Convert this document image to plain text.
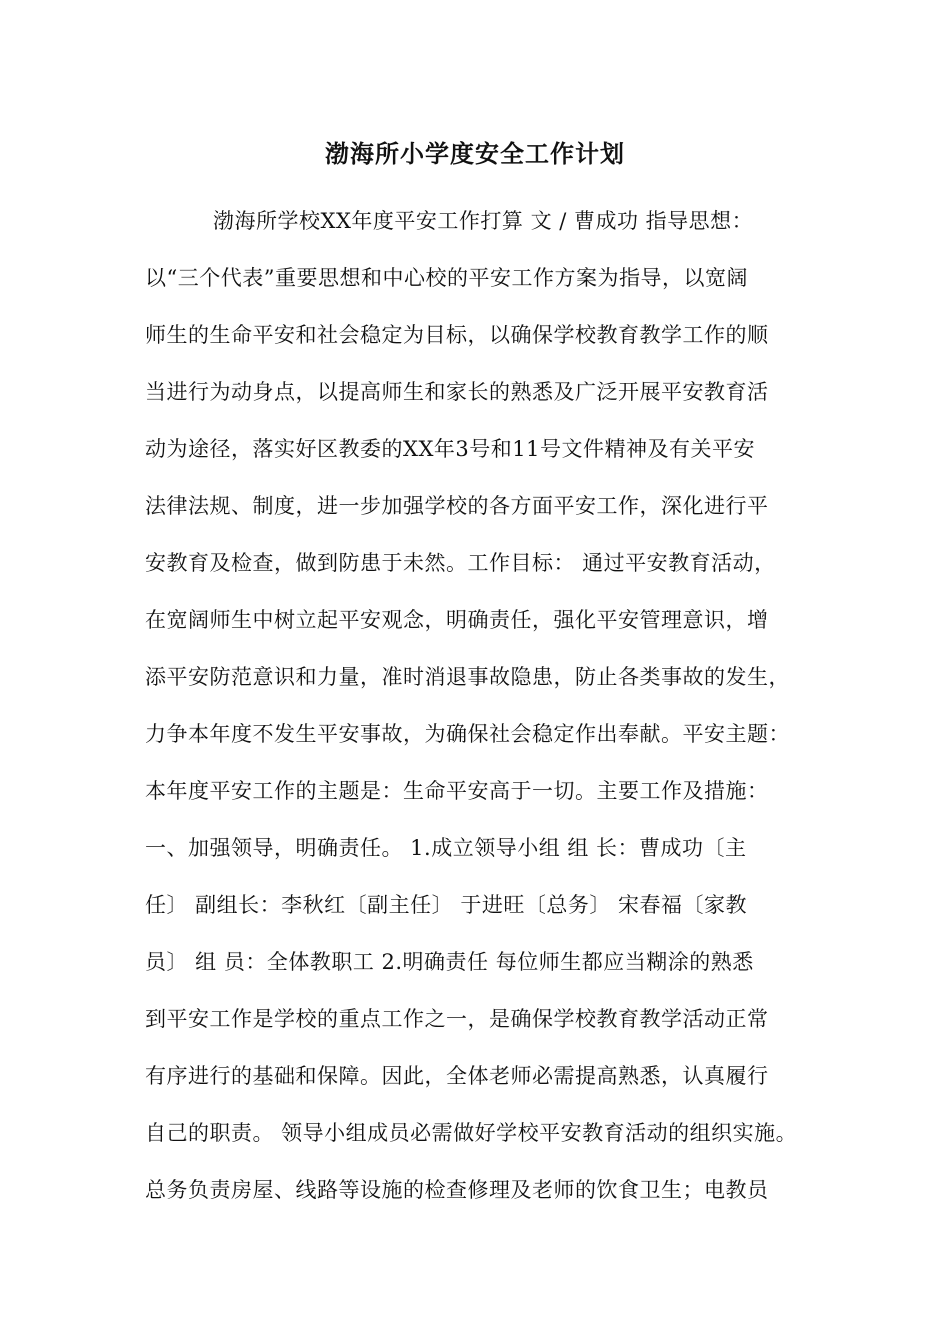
渤海所小学度安全工作计划
渤海所学校XX年度平安工作打算 文 / 曹成功 指导思想：
以“三个代表”重要思想和中心校的平安工作方案为指导，以宽阔
师生的生命平安和社会稳定为目标，以确保学校教育教学工作的顺
当进行为动身点，以提高师生和家长的熟悉及广泛开展平安教育活
动为途径，落实好区教委的XX年3号和11号文件精神及有关平安
法律法规、制度，进一步加强学校的各方面平安工作，深化进行平
安教育及检查，做到防患于未然。工作目标： 通过平安教育活动，
在宽阔师生中树立起平安观念，明确责任，强化平安管理意识，增
添平安防范意识和力量，准时消退事故隐患，防止各类事故的发生，
力争本年度不发生平安事故，为确保社会稳定作出奉献。平安主题：
本年度平安工作的主题是：生命平安高于一切。主要工作及措施：
一、加强领导，明确责任。 1.成立领导小组 组 长：曹成功〔主
任〕 副组长：李秋红〔副主任〕 于进旺〔总务〕 宋春福〔家教
员〕 组 员：全体教职工 2.明确责任 每位师生都应当糊涂的熟悉
到平安工作是学校的重点工作之一，是确保学校教育教学活动正常
有序进行的基础和保障。因此，全体老师必需提高熟悉，认真履行
自己的职责。 领导小组成员必需做好学校平安教育活动的组织实施。
总务负责房屋、线路等设施的检查修理及老师的饮食卫生；电教员
